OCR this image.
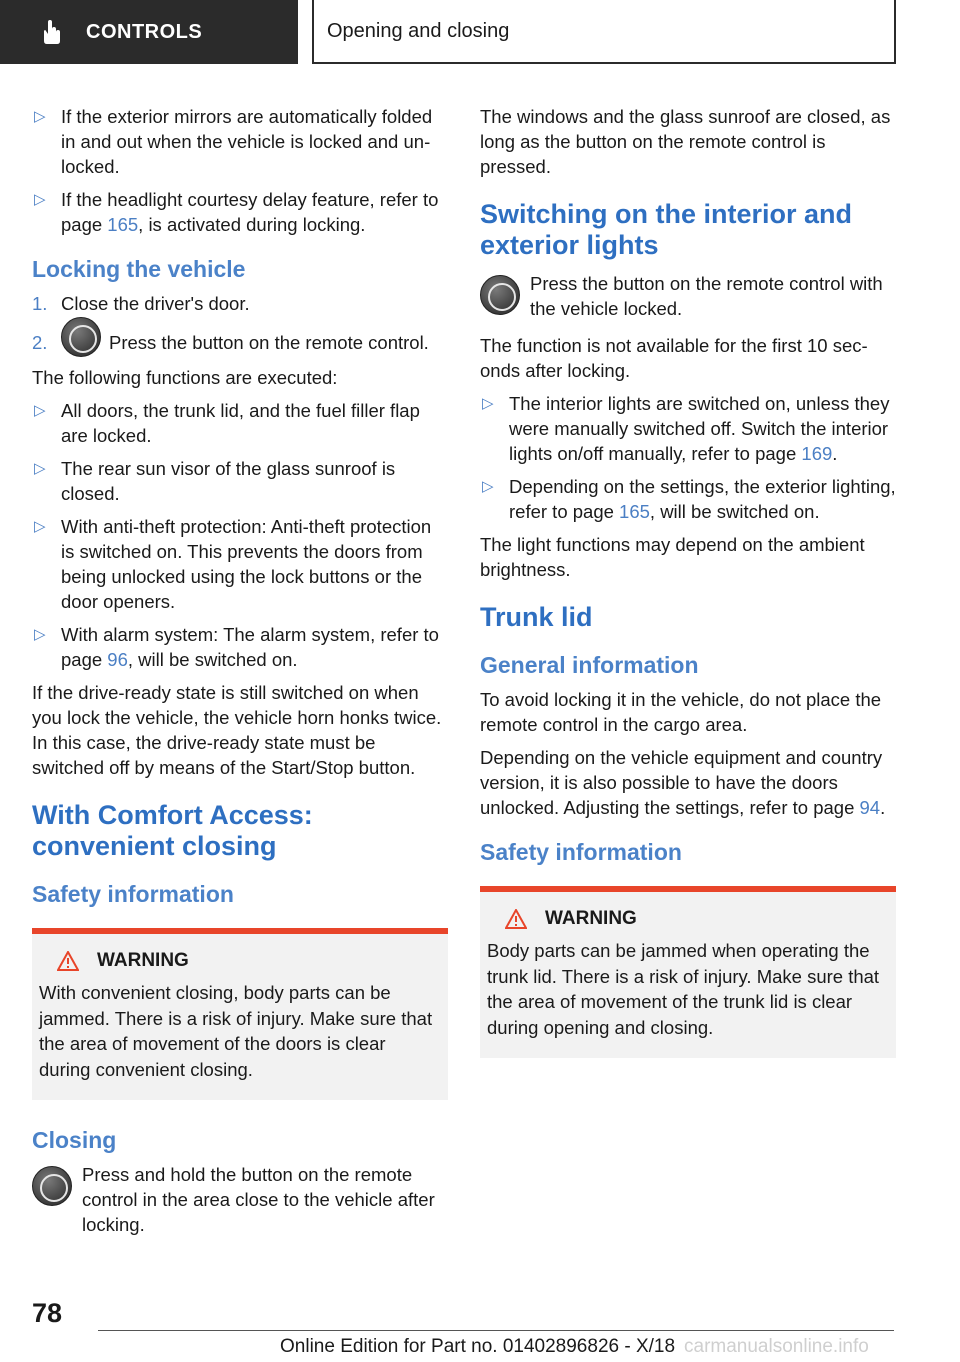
CONTROLS	Opening and closing
▷ If the exterior mirrors are automatically folded in and out when the vehicle is locked and unlocked.
▷ If the headlight courtesy delay feature, refer to page 165, is activated during locking.
Locking the vehicle
1. Close the driver's door.
2.	Press the button on the remote control.

The following functions are executed:

▷ All doors, the trunk lid, and the fuel filler flap are locked.
▷ The rear sun visor of the glass sunroof is closed.
▷ With anti-theft protection: Anti-theft protection is switched on. This prevents the doors from being unlocked using the lock buttons or the door openers.
▷ With alarm system: The alarm system, refer to page 96, will be switched on.

If the drive-ready state is still switched on when you lock the vehicle, the vehicle horn honks twice. In this case, the drive-ready state must be switched off by means of the Start/Stop button.

With Comfort Access: convenient closing
Safety information
WARNING

With convenient closing, body parts can be jammed. There is a risk of injury. Make sure that the area of movement of the doors is clear during convenient closing.

Closing

Press and hold the button on the remote control in the area close to the vehicle after locking.

The windows and the glass sunroof are closed, as long as the button on the remote control is pressed.

Switching on the interior and exterior lights

Press the button on the remote control with the vehicle locked.

The function is not available for the first 10 seconds after locking.

▷ The interior lights are switched on, unless they were manually switched off. Switch the interior lights on/off manually, refer to page 169.
▷ Depending on the settings, the exterior lighting, refer to page 165, will be switched on.

The light functions may depend on the ambient brightness.

Trunk lid
General information

To avoid locking it in the vehicle, do not place the remote control in the cargo area.

Depending on the vehicle equipment and country version, it is also possible to have the doors unlocked. Adjusting the settings, refer to page 94.

Safety information
WARNING

Body parts can be jammed when operating the trunk lid. There is a risk of injury. Make sure that the area of movement of the trunk lid is clear during opening and closing.

78
Online Edition for Part no. 01402896826 - X/18 carmanualsonline.info
